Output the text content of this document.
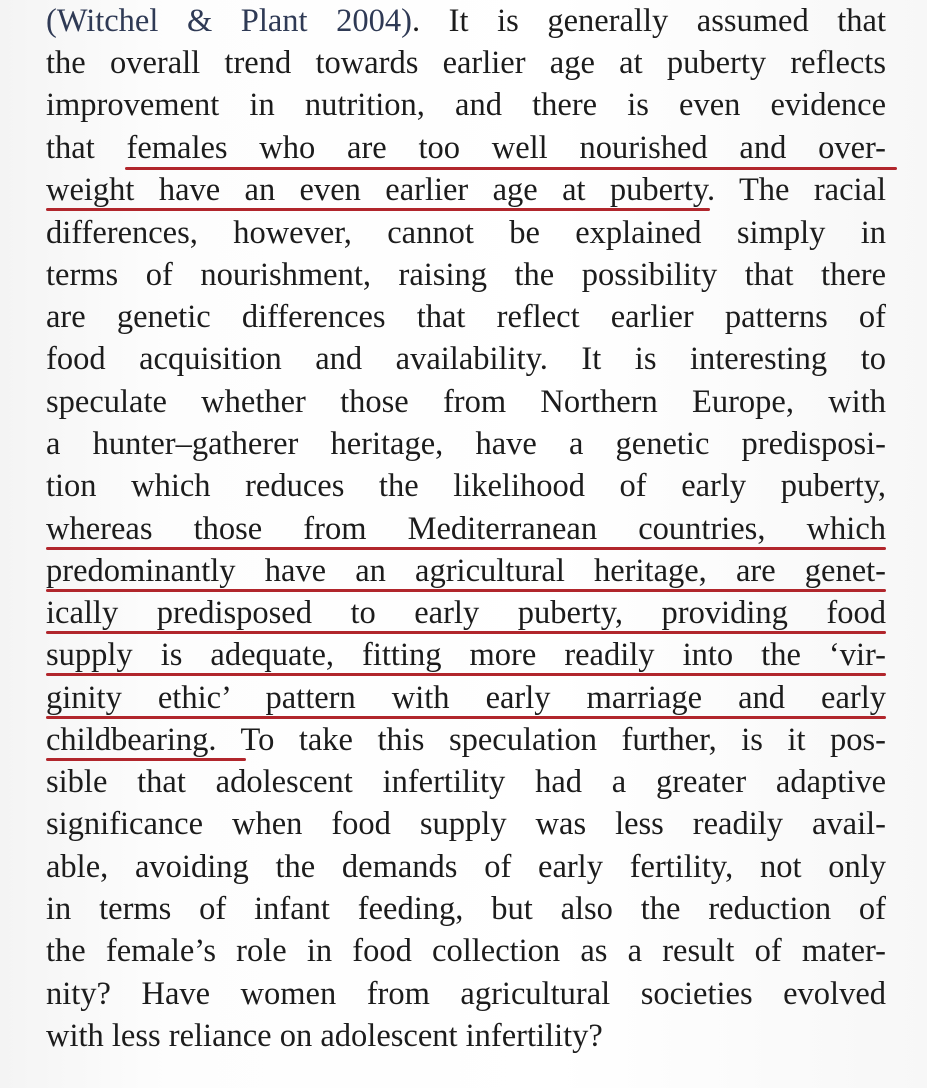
(Witchel & Plant 2004). It is generally assumed that
the overall trend towards earlier age at puberty reflects
improvement in nutrition, and there is even evidence
that females who are too well nourished and over-
weight have an even earlier age at puberty. The racial
differences, however, cannot be explained simply in
terms of nourishment, raising the possibility that there
are genetic differences that reflect earlier patterns of
food acquisition and availability. It is interesting to
speculate whether those from Northern Europe, with
a hunter–gatherer heritage, have a genetic predisposi-
tion which reduces the likelihood of early puberty,
whereas those from Mediterranean countries, which
predominantly have an agricultural heritage, are genet-
ically predisposed to early puberty, providing food
supply is adequate, fitting more readily into the ‘vir-
ginity ethic’ pattern with early marriage and early
childbearing. To take this speculation further, is it pos-
sible that adolescent infertility had a greater adaptive
significance when food supply was less readily avail-
able, avoiding the demands of early fertility, not only
in terms of infant feeding, but also the reduction of
the female’s role in food collection as a result of mater-
nity? Have women from agricultural societies evolved
with less reliance on adolescent infertility?
